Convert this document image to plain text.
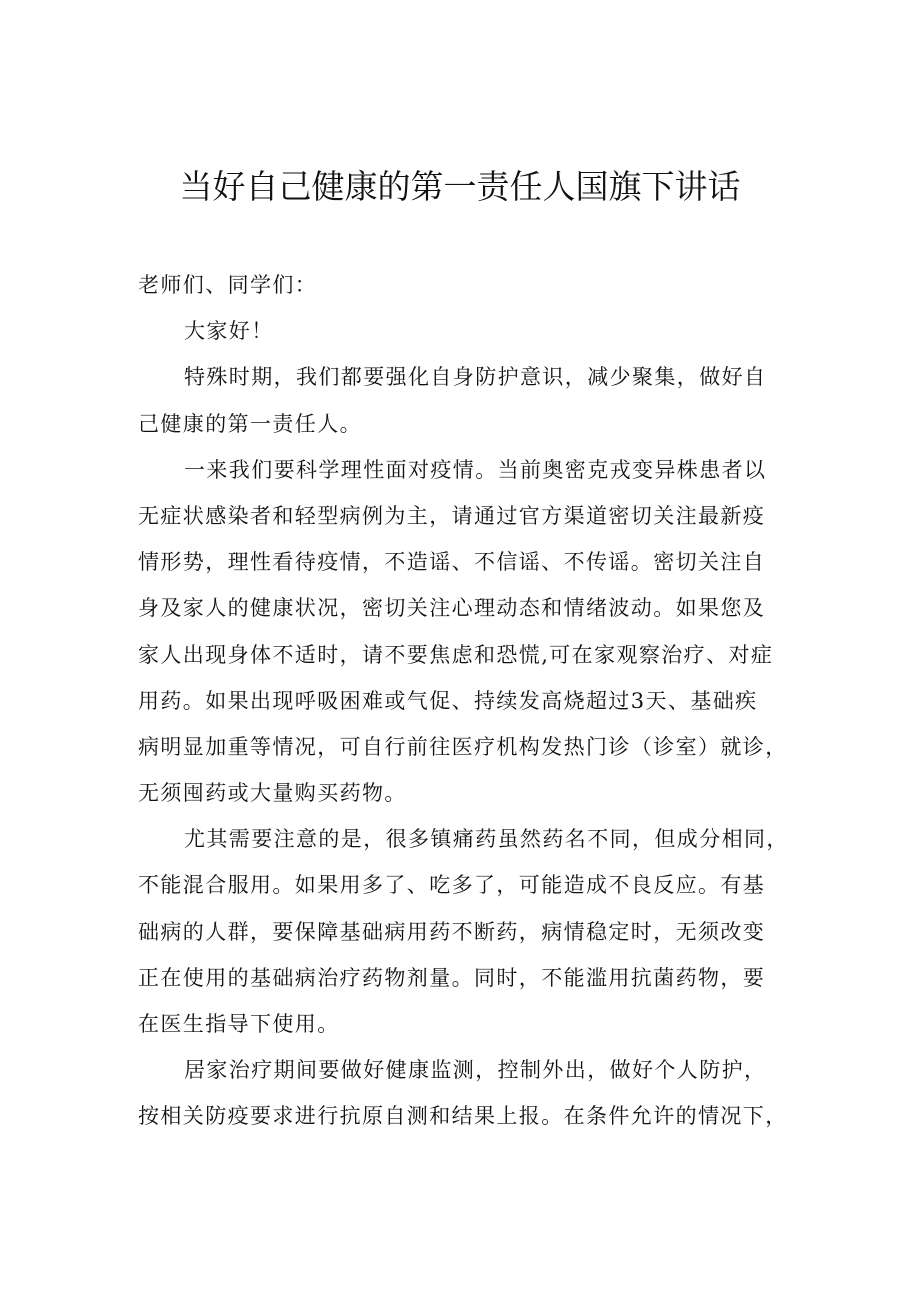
当好自己健康的第一责任人国旗下讲话
老师们、同学们：
大家好！
特殊时期，我们都要强化自身防护意识，减少聚集，做好自
己健康的第一责任人。
一来我们要科学理性面对疫情。当前奥密克戎变异株患者以
无症状感染者和轻型病例为主，请通过官方渠道密切关注最新疫
情形势，理性看待疫情，不造谣、不信谣、不传谣。密切关注自
身及家人的健康状况，密切关注心理动态和情绪波动。如果您及
家人出现身体不适时，请不要焦虑和恐慌,可在家观察治疗、对症
用药。如果出现呼吸困难或气促、持续发高烧超过3天、基础疾
病明显加重等情况，可自行前往医疗机构发热门诊（诊室）就诊，
无须囤药或大量购买药物。
尤其需要注意的是，很多镇痛药虽然药名不同，但成分相同，
不能混合服用。如果用多了、吃多了，可能造成不良反应。有基
础病的人群，要保障基础病用药不断药，病情稳定时，无须改变
正在使用的基础病治疗药物剂量。同时，不能滥用抗菌药物，要
在医生指导下使用。
居家治疗期间要做好健康监测，控制外出，做好个人防护，
按相关防疫要求进行抗原自测和结果上报。在条件允许的情况下，
